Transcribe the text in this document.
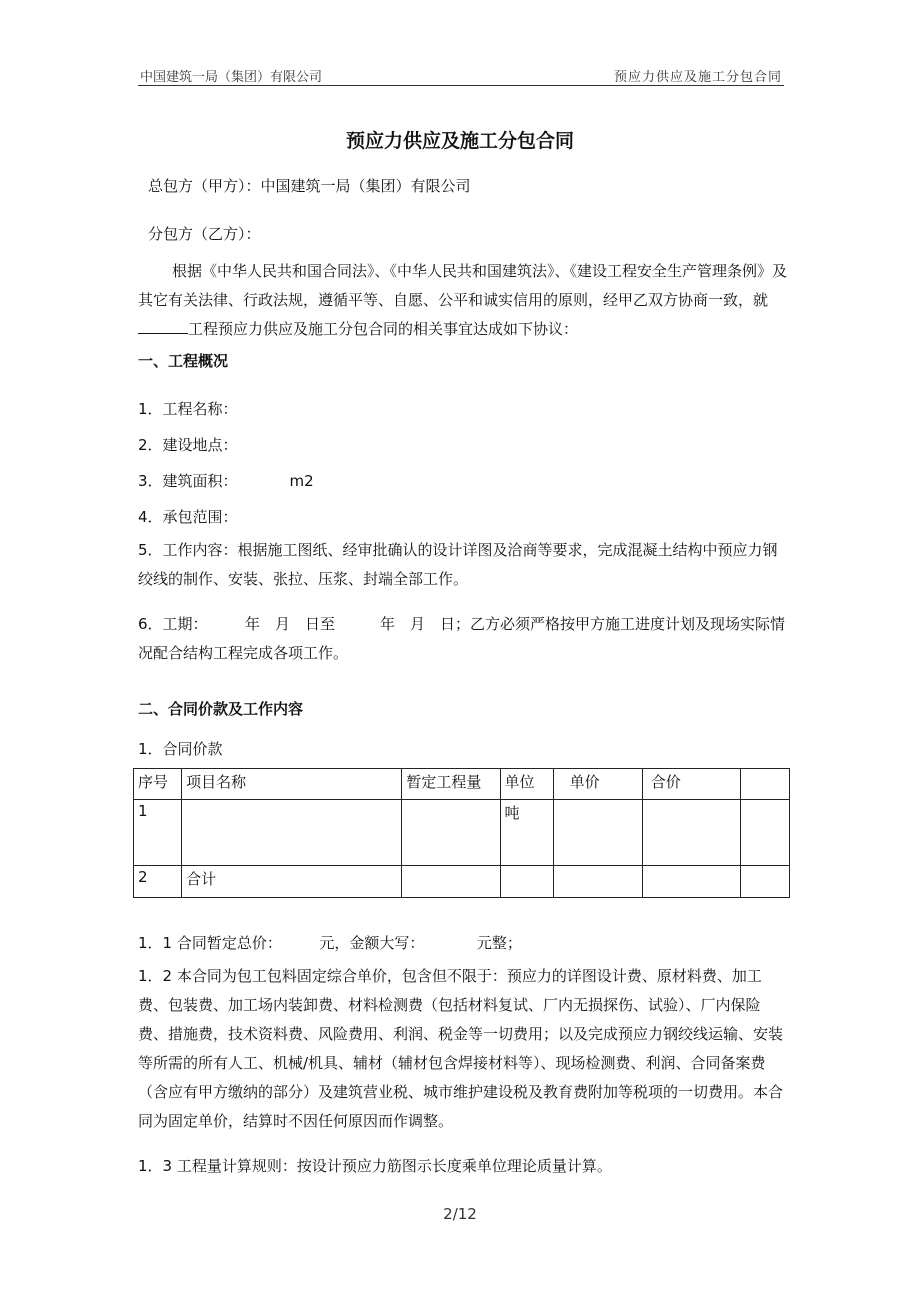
中国建筑一局（集团）有限公司	预应力供应及施工分包合同
预应力供应及施工分包合同
总包方（甲方）：中国建筑一局（集团）有限公司
分包方（乙方）：
根据《中华人民共和国合同法》、《中华人民共和国建筑法》、《建设工程安全生产管理条例》及其它有关法律、行政法规，遵循平等、自愿、公平和诚实信用的原则，经甲乙双方协商一致，就工程预应力供应及施工分包合同的相关事宜达成如下协议：
一、工程概况
1．工程名称：
2．建设地点：
3．建筑面积：	m2
4．承包范围：
5．工作内容：根据施工图纸、经审批确认的设计详图及洽商等要求，完成混凝土结构中预应力钢绞线的制作、安装、张拉、压浆、封端全部工作。
6．工期：　　　年　月　日至　　　年　月　日；乙方必须严格按甲方施工进度计划及现场实际情况配合结构工程完成各项工作。
二、合同价款及工作内容
1．合同价款
序号	项目名称	暂定工程量	单位	单价	合价	
1			吨			
2	合计					
1．1 合同暂定总价：　　　元，金额大写：　　　　元整；
1．2 本合同为包工包料固定综合单价，包含但不限于：预应力的详图设计费、原材料费、加工费、包装费、加工场内装卸费、材料检测费（包括材料复试、厂内无损探伤、试验）、厂内保险费、措施费，技术资料费、风险费用、利润、税金等一切费用；以及完成预应力钢绞线运输、安装等所需的所有人工、机械/机具、辅材（辅材包含焊接材料等）、现场检测费、利润、合同备案费（含应有甲方缴纳的部分）及建筑营业税、城市维护建设税及教育费附加等税项的一切费用。本合同为固定单价，结算时不因任何原因而作调整。
1．3 工程量计算规则：按设计预应力筋图示长度乘单位理论质量计算。
2/12
